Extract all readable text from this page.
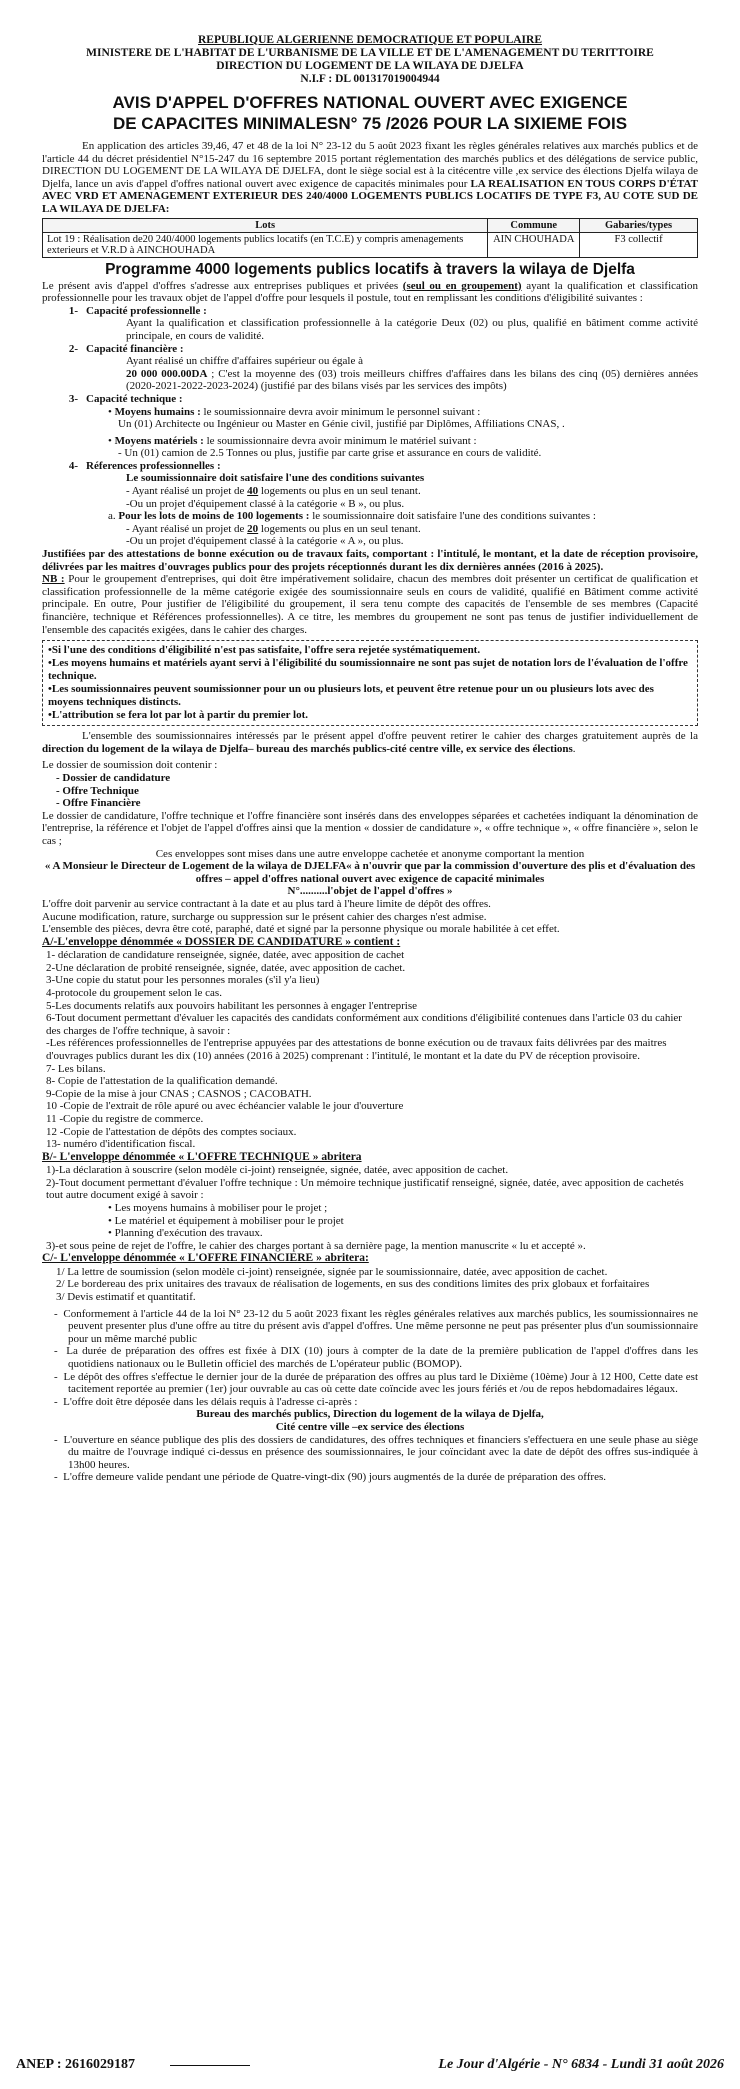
REPUBLIQUE ALGERIENNE DEMOCRATIQUE ET POPULAIRE
MINISTERE DE L'HABITAT DE L'URBANISME DE LA VILLE ET DE L'AMENAGEMENT DU TERITTOIRE
DIRECTION DU LOGEMENT DE LA WILAYA DE DJELFA
N.I.F : DL 001317019004944
AVIS D'APPEL D'OFFRES NATIONAL OUVERT AVEC EXIGENCE
DE CAPACITES MINIMALESN° 75 /2026 POUR LA SIXIEME FOIS

En application des articles 39,46, 47 et 48 de la loi N° 23-12 du 5 août 2023 fixant les règles générales relatives aux marchés publics et de l'article 44 du décret présidentiel N°15-247 du 16 septembre 2015 portant réglementation des marchés publics et des délégations de service public, DIRECTION DU LOGEMENT DE LA WILAYA DE DJELFA, dont le siège social est à la citécentre ville ,ex service des élections Djelfa wilaya de Djelfa, lance un avis d'appel d'offres national ouvert avec exigence de capacités minimales pour LA REALISATION EN TOUS CORPS D'ÉTAT AVEC VRD ET AMENAGEMENT EXTERIEUR DES 240/4000 LOGEMENTS PUBLICS LOCATIFS DE TYPE F3, AU COTE SUD DE LA WILAYA DE DJELFA:

Lots	Commune	Gabaries/types
Lot 19 : Réalisation de20 240/4000 logements publics locatifs (en T.C.E) y compris amenagements exterieurs et V.R.D à AINCHOUHADA	AIN CHOUHADA	F3 collectif
Programme 4000 logements publics locatifs à travers la wilaya de Djelfa

Le présent avis d'appel d'offres s'adresse aux entreprises publiques et privées (seul ou en groupement) ayant la qualification et classification professionnelle pour les travaux objet de l'appel d'offre pour lesquels il postule, tout en remplissant les conditions d'éligibilité suivantes :

1- Capacité professionnelle :
Ayant la qualification et classification professionnelle à la catégorie Deux (02) ou plus, qualifié en bâtiment comme activité principale, en cours de validité.
2- Capacité financière :
Ayant réalisé un chiffre d'affaires supérieur ou égale à
20 000 000.00DA ; C'est la moyenne des (03) trois meilleurs chiffres d'affaires dans les bilans des cinq (05) dernières années (2020-2021-2022-2023-2024) (justifié par des bilans visés par les services des impôts)
3- Capacité technique :
• Moyens humains : le soumissionnaire devra avoir minimum le personnel suivant :
Un (01) Architecte ou Ingénieur ou Master en Génie civil, justifié par Diplômes, Affiliations CNAS, .
• Moyens matériels : le soumissionnaire devra avoir minimum le matériel suivant :
- Un (01) camion de 2.5 Tonnes ou plus, justifie par carte grise et assurance en cours de validité.
4- Réferences professionnelles :
Le soumissionnaire doit satisfaire l'une des conditions suivantes
- Ayant réalisé un projet de 40 logements ou plus en un seul tenant.
-Ou un projet d'équipement classé à la catégorie « B », ou plus.
a. Pour les lots de moins de 100 logements : le soumissionnaire doit satisfaire l'une des conditions suivantes :
- Ayant réalisé un projet de 20 logements ou plus en un seul tenant.
-Ou un projet d'équipement classé à la catégorie « A », ou plus.

Justifiées par des attestations de bonne exécution ou de travaux faits, comportant : l'intitulé, le montant, et la date de réception provisoire, délivrées par les maitres d'ouvrages publics pour des projets réceptionnés durant les dix dernières années (2016 à 2025).

NB : Pour le groupement d'entreprises, qui doit être impérativement solidaire, chacun des membres doit présenter un certificat de qualification et classification professionnelle de la même catégorie exigée des soumissionnaire seuls en cours de validité, qualifié en Bâtiment comme activité principale. En outre, Pour justifier de l'éligibilité du groupement, il sera tenu compte des capacités de l'ensemble de ses membres (Capacité financière, technique et Références professionnelles). A ce titre, les membres du groupement ne sont pas tenus de justifier individuellement de l'ensemble des capacités exigées, dans le cahier des charges.

•Si l'une des conditions d'éligibilité n'est pas satisfaite, l'offre sera rejetée systématiquement.
•Les moyens humains et matériels ayant servi à l'éligibilité du soumissionnaire ne sont pas sujet de notation lors de l'évaluation de l'offre technique.
•Les soumissionnaires peuvent soumissionner pour un ou plusieurs lots, et peuvent être retenue pour un ou plusieurs lots avec des moyens techniques distincts.
•L'attribution se fera lot par lot à partir du premier lot.

L'ensemble des soumissionnaires intéressés par le présent appel d'offre peuvent retirer le cahier des charges gratuitement auprès de la direction du logement de la wilaya de Djelfa– bureau des marchés publics-cité centre ville, ex service des élections.

Le dossier de soumission doit contenir :

- Dossier de candidature
- Offre Technique
- Offre Financière

Le dossier de candidature, l'offre technique et l'offre financière sont insérés dans des enveloppes séparées et cachetées indiquant la dénomination de l'entreprise, la référence et l'objet de l'appel d'offres ainsi que la mention « dossier de candidature », « offre technique », « offre financière », selon le cas ;

Ces enveloppes sont mises dans une autre enveloppe cachetée et anonyme comportant la mention

« A Monsieur le Directeur de Logement de la wilaya de DJELFA« à n'ouvrir que par la commission d'ouverture des plis et d'évaluation des offres – appel d'offres national ouvert avec exigence de capacité minimales

N°..........l'objet de l'appel d'offres »

L'offre doit parvenir au service contractant à la date et au plus tard à l'heure limite de dépôt des offres.

Aucune modification, rature, surcharge ou suppression sur le présent cahier des charges n'est admise.

L'ensemble des pièces, devra être coté, paraphé, daté et signé par la personne physique ou morale habilitée à cet effet.

A/-L'enveloppe dénommée « DOSSIER DE CANDIDATURE » contient :
1- déclaration de candidature renseignée, signée, datée, avec apposition de cachet
2-Une déclaration de probité renseignée, signée, datée, avec apposition de cachet.
3-Une copie du statut pour les personnes morales (s'il y'a lieu)
4-protocole du groupement selon le cas.
5-Les documents relatifs aux pouvoirs habilitant les personnes à engager l'entreprise
6-Tout document permettant d'évaluer les capacités des candidats conformément aux conditions d'éligibilité contenues dans l'article 03 du cahier des charges de l'offre technique, à savoir :
-Les références professionnelles de l'entreprise appuyées par des attestations de bonne exécution ou de travaux faits délivrées par des maitres d'ouvrages publics durant les dix (10) années (2016 à 2025) comprenant : l'intitulé, le montant et la date du PV de réception provisoire.
7- Les bilans.
8- Copie de l'attestation de la qualification demandé.
9-Copie de la mise à jour CNAS ; CASNOS ; CACOBATH.
10 -Copie de l'extrait de rôle apuré ou avec échéancier valable le jour d'ouverture
11 -Copie du registre de commerce.
12 -Copie de l'attestation de dépôts des comptes sociaux.
13- numéro d'identification fiscal.
B/- L'enveloppe dénommée « L'OFFRE TECHNIQUE » abritera
1)-La déclaration à souscrire (selon modèle ci-joint) renseignée, signée, datée, avec apposition de cachet.
2)-Tout document permettant d'évaluer l'offre technique : Un mémoire technique justificatif renseigné, signée, datée, avec apposition de cachetés tout autre document exigé à savoir :
• Les moyens humains à mobiliser pour le projet ;
• Le matériel et équipement à mobiliser pour le projet
• Planning d'exécution des travaux.
3)-et sous peine de rejet de l'offre, le cahier des charges portant à sa dernière page, la mention manuscrite « lu et accepté ».
C/- L'enveloppe dénommée « L'OFFRE FINANCIERE » abritera:
1/ La lettre de soumission (selon modèle ci-joint) renseignée, signée par le soumissionnaire, datée, avec apposition de cachet.
2/ Le bordereau des prix unitaires des travaux de réalisation de logements, en sus des conditions limites des prix globaux et forfaitaires
3/ Devis estimatif et quantitatif.
-  Conformement à l'article 44 de la loi N° 23-12 du 5 août 2023 fixant les règles générales relatives aux marchés publics, les soumissionnaires ne peuvent presenter plus d'une offre au titre du présent avis d'appel d'offres. Une même personne ne peut pas présenter plus d'un soumissionnaire pour un même marché public
-  La durée de préparation des offres est fixée à DIX (10) jours à compter de la date de la première publication de l'appel d'offres dans les quotidiens nationaux ou le Bulletin officiel des marchés de L'opérateur public (BOMOP).
-  Le dépôt des offres s'effectue le dernier jour de la durée de préparation des offres au plus tard le Dixième (10ème) Jour à 12 H00, Cette date est tacitement reportée au premier (1er) jour ouvrable au cas où cette date coïncide avec les jours fériés et /ou de repos hebdomadaires légaux.
-  L'offre doit être déposée dans les délais requis à l'adresse ci-après :

Bureau des marchés publics, Direction du logement de la wilaya de Djelfa,

Cité centre ville –ex service des élections

-  L'ouverture en séance publique des plis des dossiers de candidatures, des offres techniques et financiers s'effectuera en une seule phase au siège du maitre de l'ouvrage indiqué ci-dessus en présence des soumissionnaires, le jour coïncidant avec la date de dépôt des offres sus-indiquée à 13h00 heures.
-  L'offre demeure valide pendant une période de Quatre-vingt-dix (90) jours augmentés de la durée de préparation des offres.
ANEP : 2616029187	Le Jour d'Algérie - N° 6834 - Lundi 31 août 2026
